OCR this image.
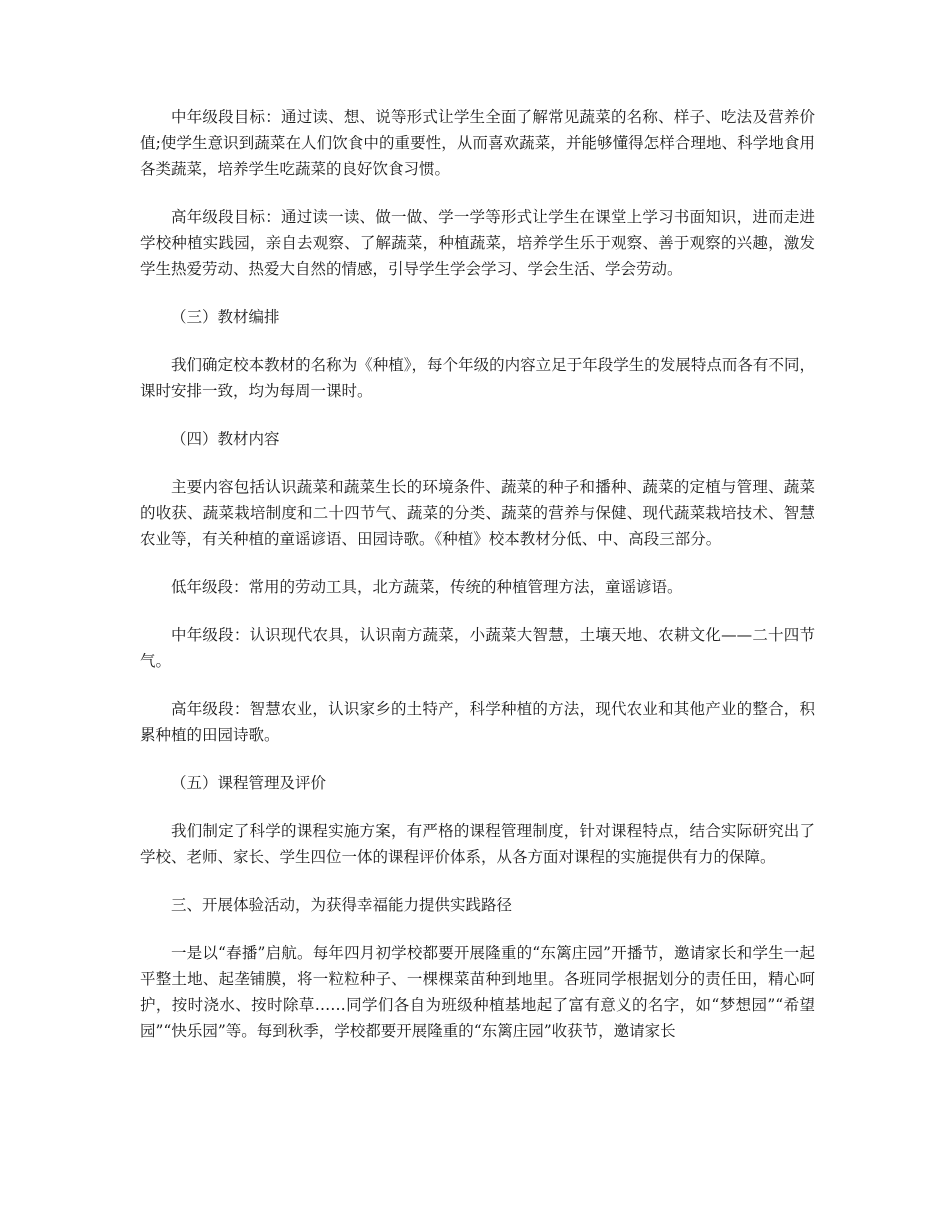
中年级段目标：通过读、想、说等形式让学生全面了解常见蔬菜的名称、样子、吃法及营养价值;使学生意识到蔬菜在人们饮食中的重要性，从而喜欢蔬菜，并能够懂得怎样合理地、科学地食用各类蔬菜，培养学生吃蔬菜的良好饮食习惯。

高年级段目标：通过读一读、做一做、学一学等形式让学生在课堂上学习书面知识，进而走进学校种植实践园，亲自去观察、了解蔬菜，种植蔬菜，培养学生乐于观察、善于观察的兴趣，激发学生热爱劳动、热爱大自然的情感，引导学生学会学习、学会生活、学会劳动。

（三）教材编排

我们确定校本教材的名称为《种植》，每个年级的内容立足于年段学生的发展特点而各有不同，课时安排一致，均为每周一课时。

（四）教材内容

主要内容包括认识蔬菜和蔬菜生长的环境条件、蔬菜的种子和播种、蔬菜的定植与管理、蔬菜的收获、蔬菜栽培制度和二十四节气、蔬菜的分类、蔬菜的营养与保健、现代蔬菜栽培技术、智慧农业等，有关种植的童谣谚语、田园诗歌。《种植》校本教材分低、中、高段三部分。

低年级段：常用的劳动工具，北方蔬菜，传统的种植管理方法，童谣谚语。

中年级段：认识现代农具，认识南方蔬菜，小蔬菜大智慧，土壤天地、农耕文化——二十四节气。

高年级段：智慧农业，认识家乡的土特产，科学种植的方法，现代农业和其他产业的整合，积累种植的田园诗歌。

（五）课程管理及评价

我们制定了科学的课程实施方案，有严格的课程管理制度，针对课程特点，结合实际研究出了学校、老师、家长、学生四位一体的课程评价体系，从各方面对课程的实施提供有力的保障。

三、开展体验活动，为获得幸福能力提供实践路径

一是以“春播”启航。每年四月初学校都要开展隆重的“东篱庄园”开播节，邀请家长和学生一起平整土地、起垄铺膜，将一粒粒种子、一棵棵菜苗种到地里。各班同学根据划分的责任田，精心呵护，按时浇水、按时除草……同学们各自为班级种植基地起了富有意义的名字，如“梦想园”“希望园”“快乐园”等。每到秋季，学校都要开展隆重的“东篱庄园”收获节，邀请家长
